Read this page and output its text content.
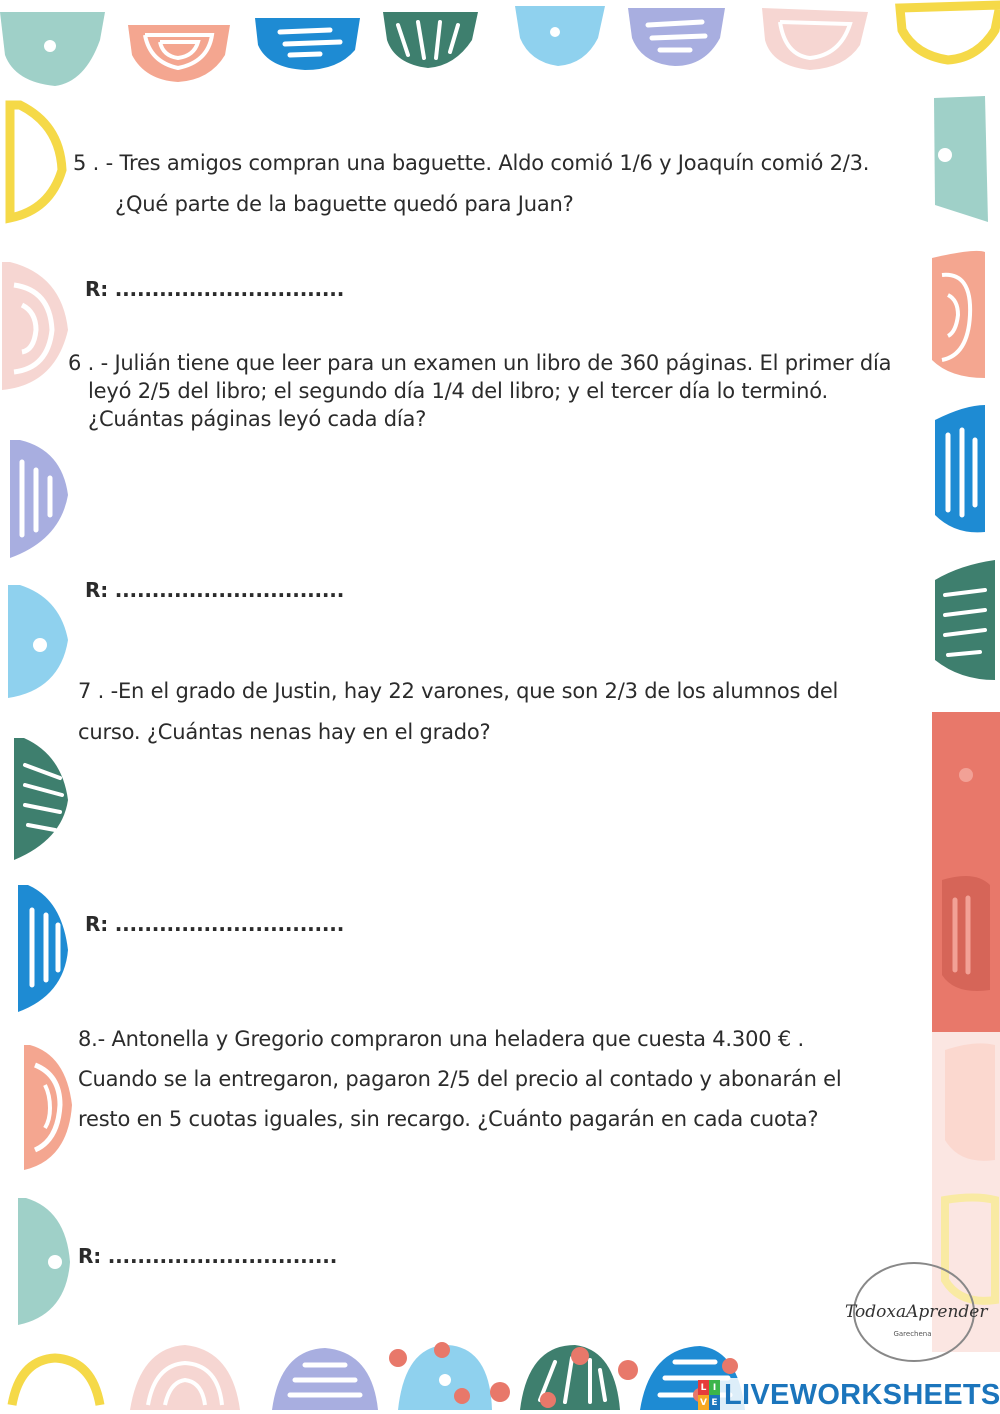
5 . - Tres amigos compran una baguette. Aldo comió 1/6 y Joaquín comió 2/3.
¿Qué parte de la baguette quedó para Juan?
R: ...............................
6 . - Julián tiene que leer para un examen un libro de 360 páginas. El primer día
leyó 2/5 del libro; el segundo día 1/4 del libro; y el tercer día lo terminó.
¿Cuántas páginas leyó cada día?
R: ...............................
7 . -En el grado de Justin, hay 22 varones, que son 2/3 de los alumnos del
curso. ¿Cuántas nenas hay en el grado?
R: ...............................
8.- Antonella y Gregorio compraron una heladera que cuesta 4.300 € .
Cuando se la entregaron, pagaron 2/5 del precio al contado y abonarán el
resto en 5 cuotas iguales, sin recargo. ¿Cuánto pagarán en cada cuota?
R: ...............................
TodoxaAprender
Garechena
L I
V E LIVEWORKSHEETS
